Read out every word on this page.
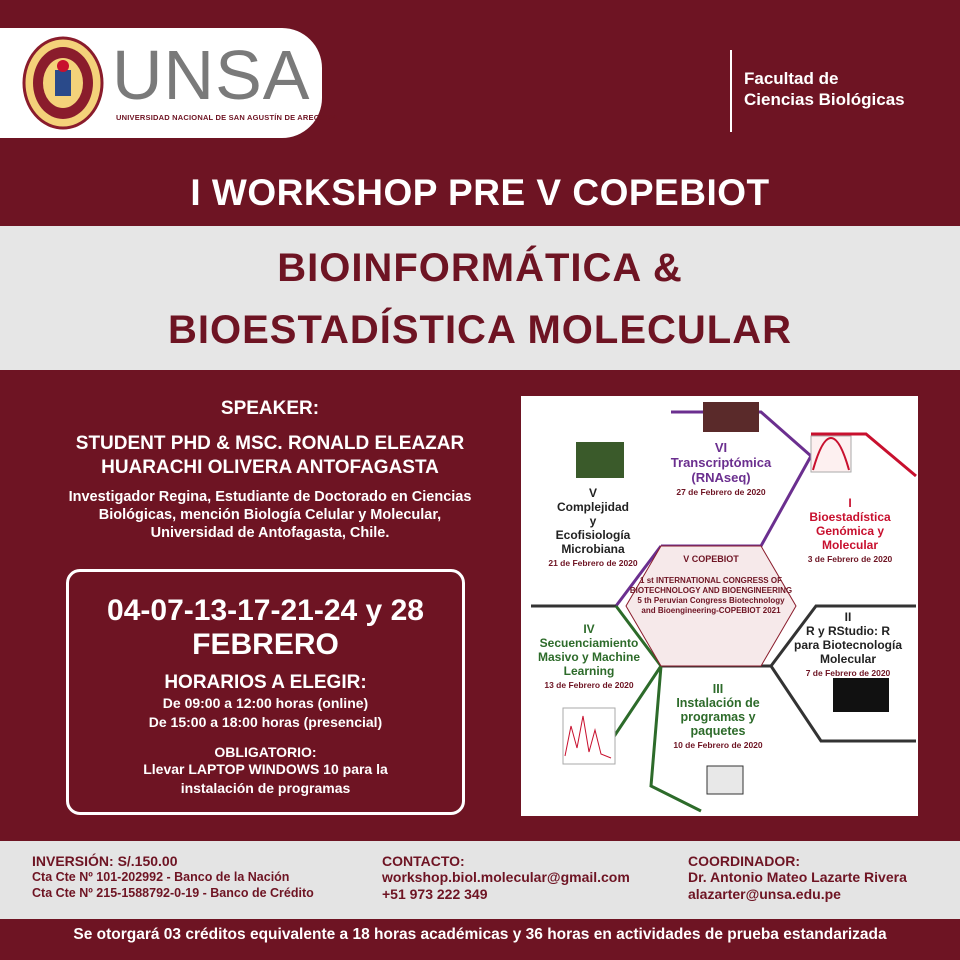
UNSA
UNIVERSIDAD NACIONAL DE SAN AGUSTÍN DE AREQUIPA
Facultad de
Ciencias Biológicas
I WORKSHOP PRE V COPEBIOT
BIOINFORMÁTICA &
BIOESTADÍSTICA MOLECULAR
SPEAKER:
STUDENT PHD & MSC. RONALD ELEAZAR
HUARACHI OLIVERA ANTOFAGASTA
Investigador Regina, Estudiante de Doctorado en Ciencias
Biológicas, mención Biología Celular y Molecular,
Universidad de Antofagasta, Chile.
04-07-13-17-21-24 y 28
FEBRERO
HORARIOS A ELEGIR:
De 09:00 a 12:00 horas (online)
De 15:00 a 18:00 horas (presencial)
OBLIGATORIO:
Llevar LAPTOP WINDOWS 10 para la
instalación de programas
V COPEBIOT
1 st INTERNATIONAL CONGRESS OF
BIOTECHNOLOGY AND BIOENGINEERING
5 th Peruvian Congress Biotechnology
and Bioengineering-COPEBIOT 2021
VI
Transcriptómica
(RNAseq)
27 de Febrero de 2020
I
Bioestadística
Genómica y
Molecular
3 de Febrero de 2020
II
R y RStudio: R
para Biotecnología
Molecular
7 de Febrero de 2020
III
Instalación de
programas y
paquetes
10 de Febrero de 2020
IV
Secuenciamiento
Masivo y Machine
Learning
13 de Febrero de 2020
V
Complejidad
y
Ecofisiología
Microbiana
21 de Febrero de 2020
INVERSIÓN: S/.150.00
Cta Cte Nº 101-202992 - Banco de la Nación
Cta Cte Nº 215-1588792-0-19 - Banco de Crédito
CONTACTO:
workshop.biol.molecular@gmail.com
+51 973 222 349
COORDINADOR:
Dr. Antonio Mateo Lazarte Rivera
alazarter@unsa.edu.pe
Se otorgará 03 créditos equivalente a 18 horas académicas y 36 horas en actividades de prueba estandarizada
